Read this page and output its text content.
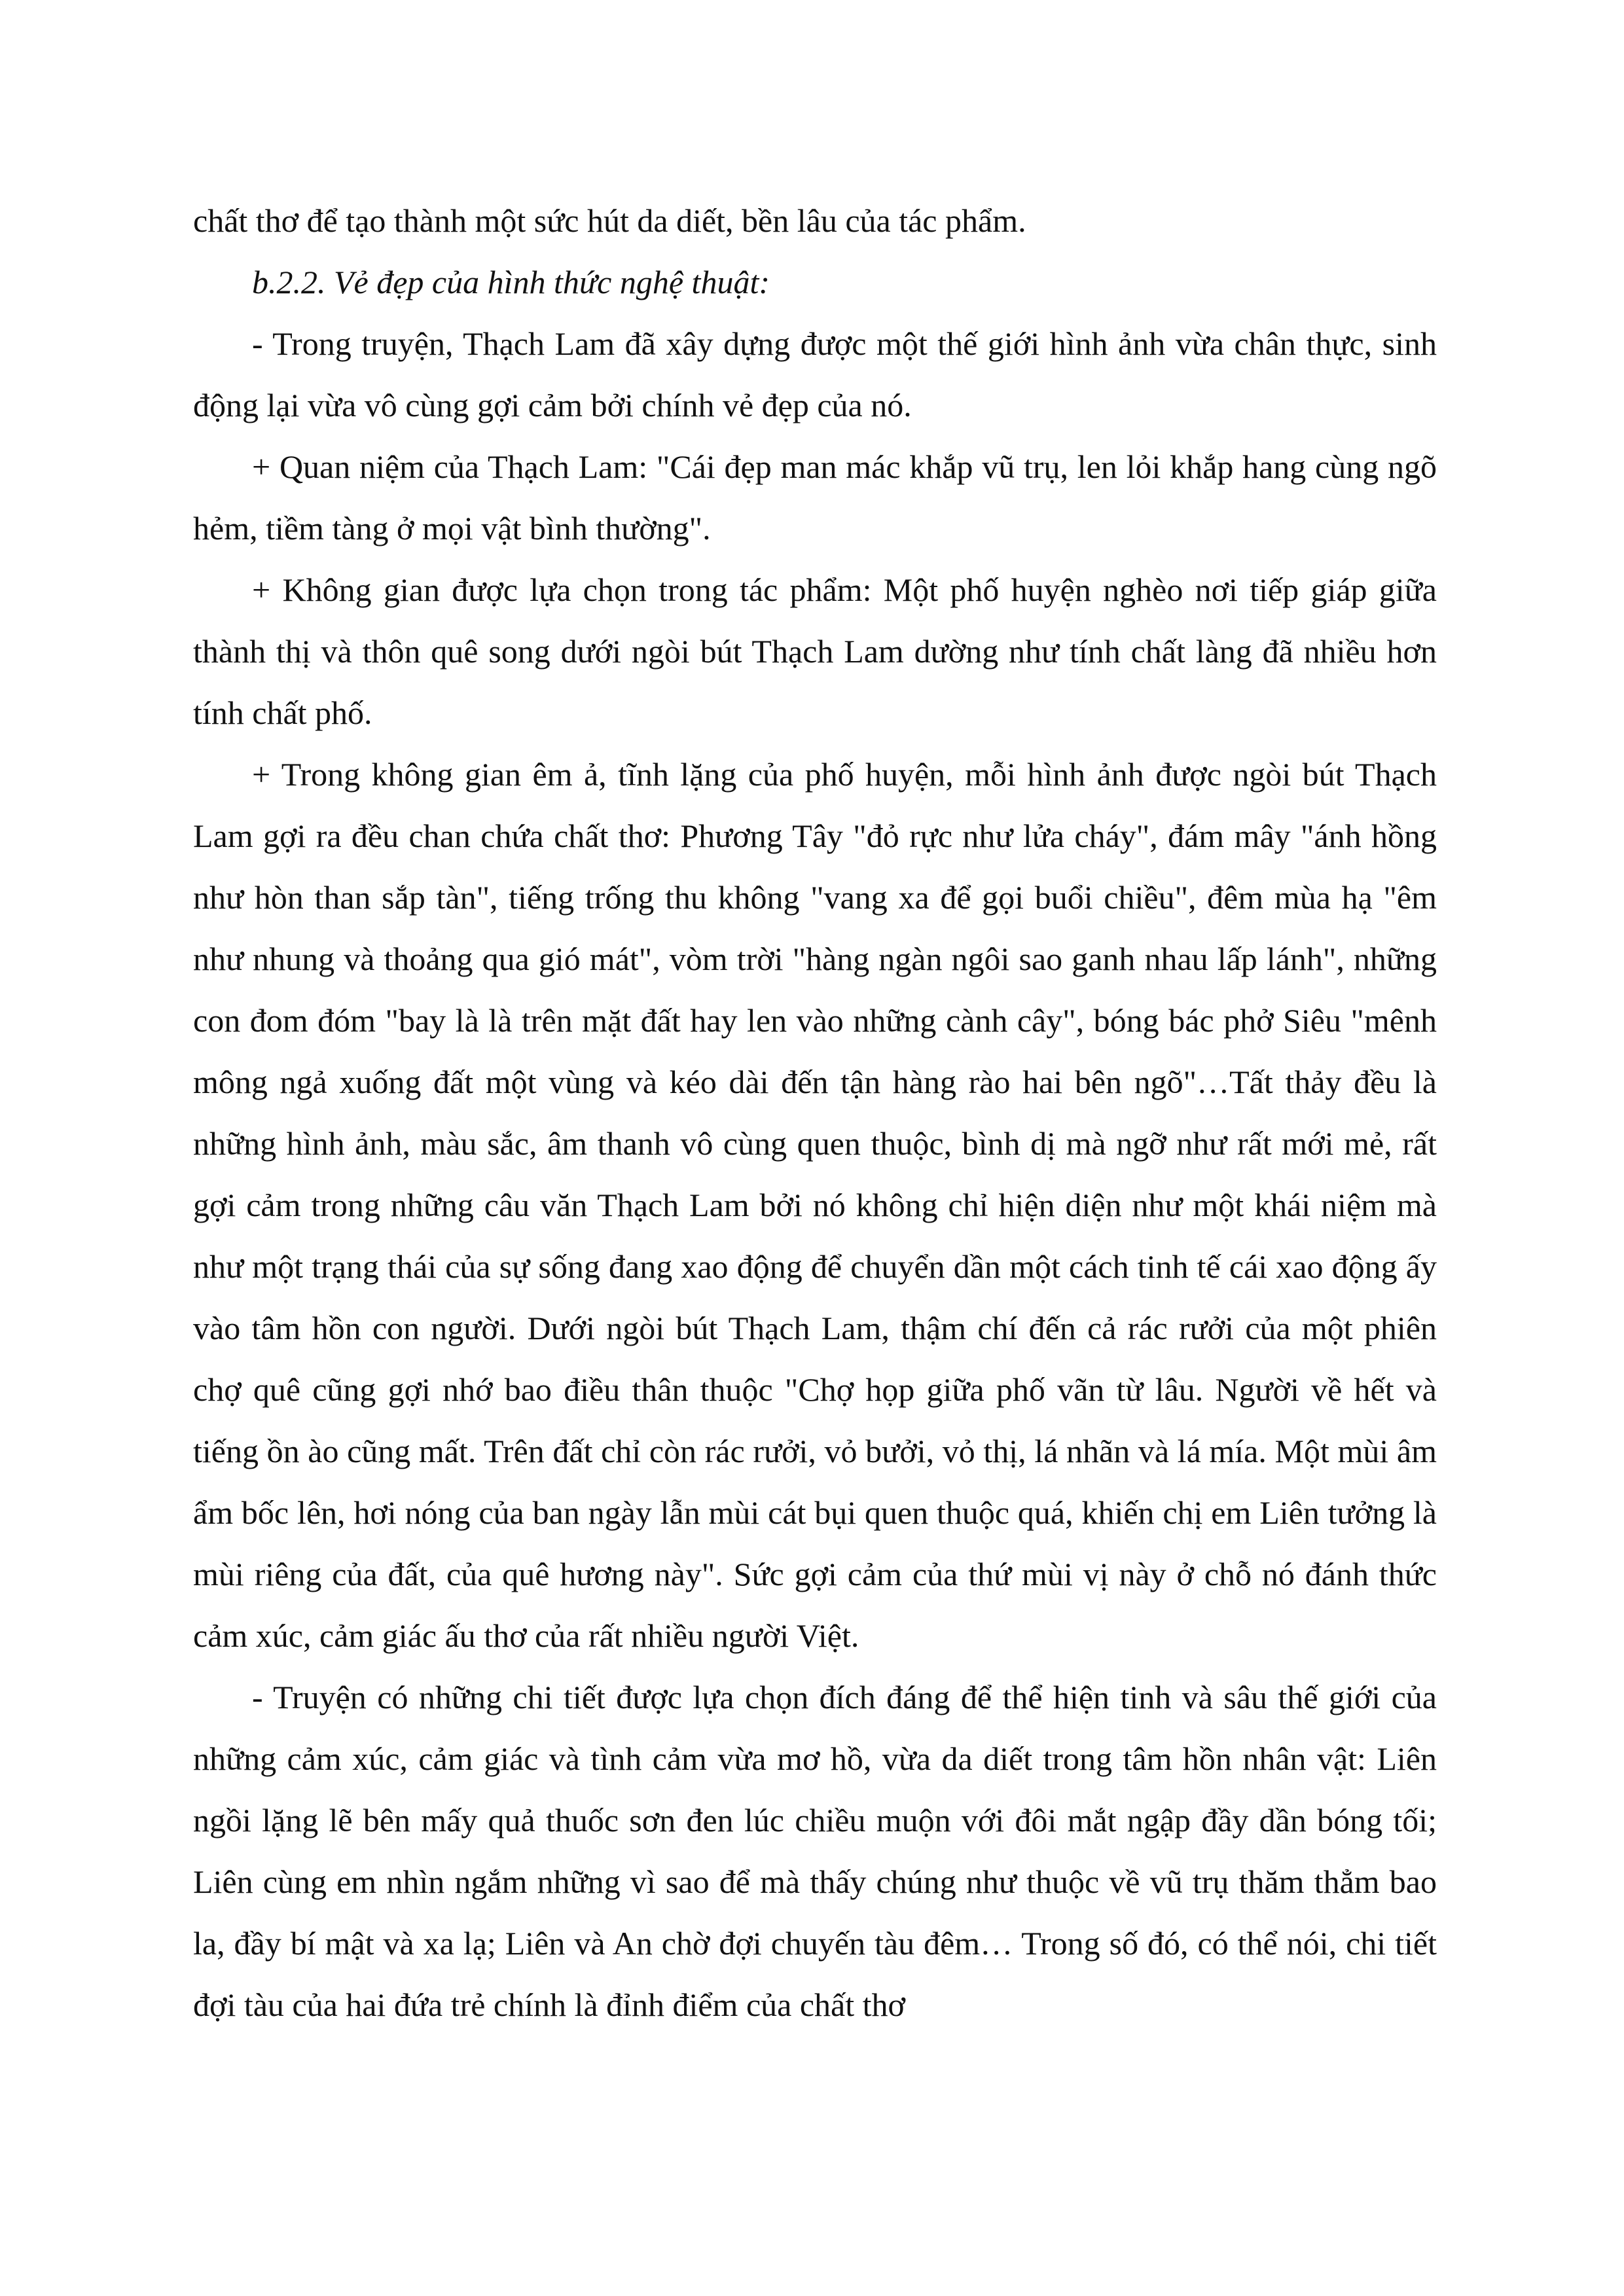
chất thơ để tạo thành một sức hút da diết, bền lâu của tác phẩm.

b.2.2. Vẻ đẹp của hình thức nghệ thuật:

- Trong truyện, Thạch Lam đã xây dựng được một thế giới hình ảnh vừa chân thực, sinh động lại vừa vô cùng gợi cảm bởi chính vẻ đẹp của nó.

+ Quan niệm của Thạch Lam: "Cái đẹp man mác khắp vũ trụ, len lỏi khắp hang cùng ngõ hẻm, tiềm tàng ở mọi vật bình thường".

+ Không gian được lựa chọn trong tác phẩm: Một phố huyện nghèo nơi tiếp giáp giữa thành thị và thôn quê song dưới ngòi bút Thạch Lam dường như tính chất làng đã nhiều hơn tính chất phố.

+ Trong không gian êm ả, tĩnh lặng của phố huyện, mỗi hình ảnh được ngòi bút Thạch Lam gợi ra đều chan chứa chất thơ: Phương Tây "đỏ rực như lửa cháy", đám mây "ánh hồng như hòn than sắp tàn", tiếng trống thu không "vang xa để gọi buổi chiều", đêm mùa hạ "êm như nhung và thoảng qua gió mát", vòm trời "hàng ngàn ngôi sao ganh nhau lấp lánh", những con đom đóm "bay là là trên mặt đất hay len vào những cành cây", bóng bác phở Siêu "mênh mông ngả xuống đất một vùng và kéo dài đến tận hàng rào hai bên ngõ"…Tất thảy đều là những hình ảnh, màu sắc, âm thanh vô cùng quen thuộc, bình dị mà ngỡ như rất mới mẻ, rất gợi cảm trong những câu văn Thạch Lam bởi nó không chỉ hiện diện như một khái niệm mà như một trạng thái của sự sống đang xao động để chuyển dần một cách tinh tế cái xao động ấy vào tâm hồn con người. Dưới ngòi bút Thạch Lam, thậm chí đến cả rác rưởi của một phiên chợ quê cũng gợi nhớ bao điều thân thuộc "Chợ họp giữa phố vãn từ lâu. Người về hết và tiếng ồn ào cũng mất. Trên đất chỉ còn rác rưởi, vỏ bưởi, vỏ thị, lá nhãn và lá mía. Một mùi âm ẩm bốc lên, hơi nóng của ban ngày lẫn mùi cát bụi quen thuộc quá, khiến chị em Liên tưởng là mùi riêng của đất, của quê hương này". Sức gợi cảm của thứ mùi vị này ở chỗ nó đánh thức cảm xúc, cảm giác ấu thơ của rất nhiều người Việt.

- Truyện có những chi tiết được lựa chọn đích đáng để thể hiện tinh và sâu thế giới của những cảm xúc, cảm giác và tình cảm vừa mơ hồ, vừa da diết trong tâm hồn nhân vật: Liên ngồi lặng lẽ bên mấy quả thuốc sơn đen lúc chiều muộn với đôi mắt ngập đầy dần bóng tối; Liên cùng em nhìn ngắm những vì sao để mà thấy chúng như thuộc về vũ trụ thăm thẳm bao la, đầy bí mật và xa lạ; Liên và An chờ đợi chuyến tàu đêm… Trong số đó, có thể nói, chi tiết đợi tàu của hai đứa trẻ chính là đỉnh điểm của chất thơ
